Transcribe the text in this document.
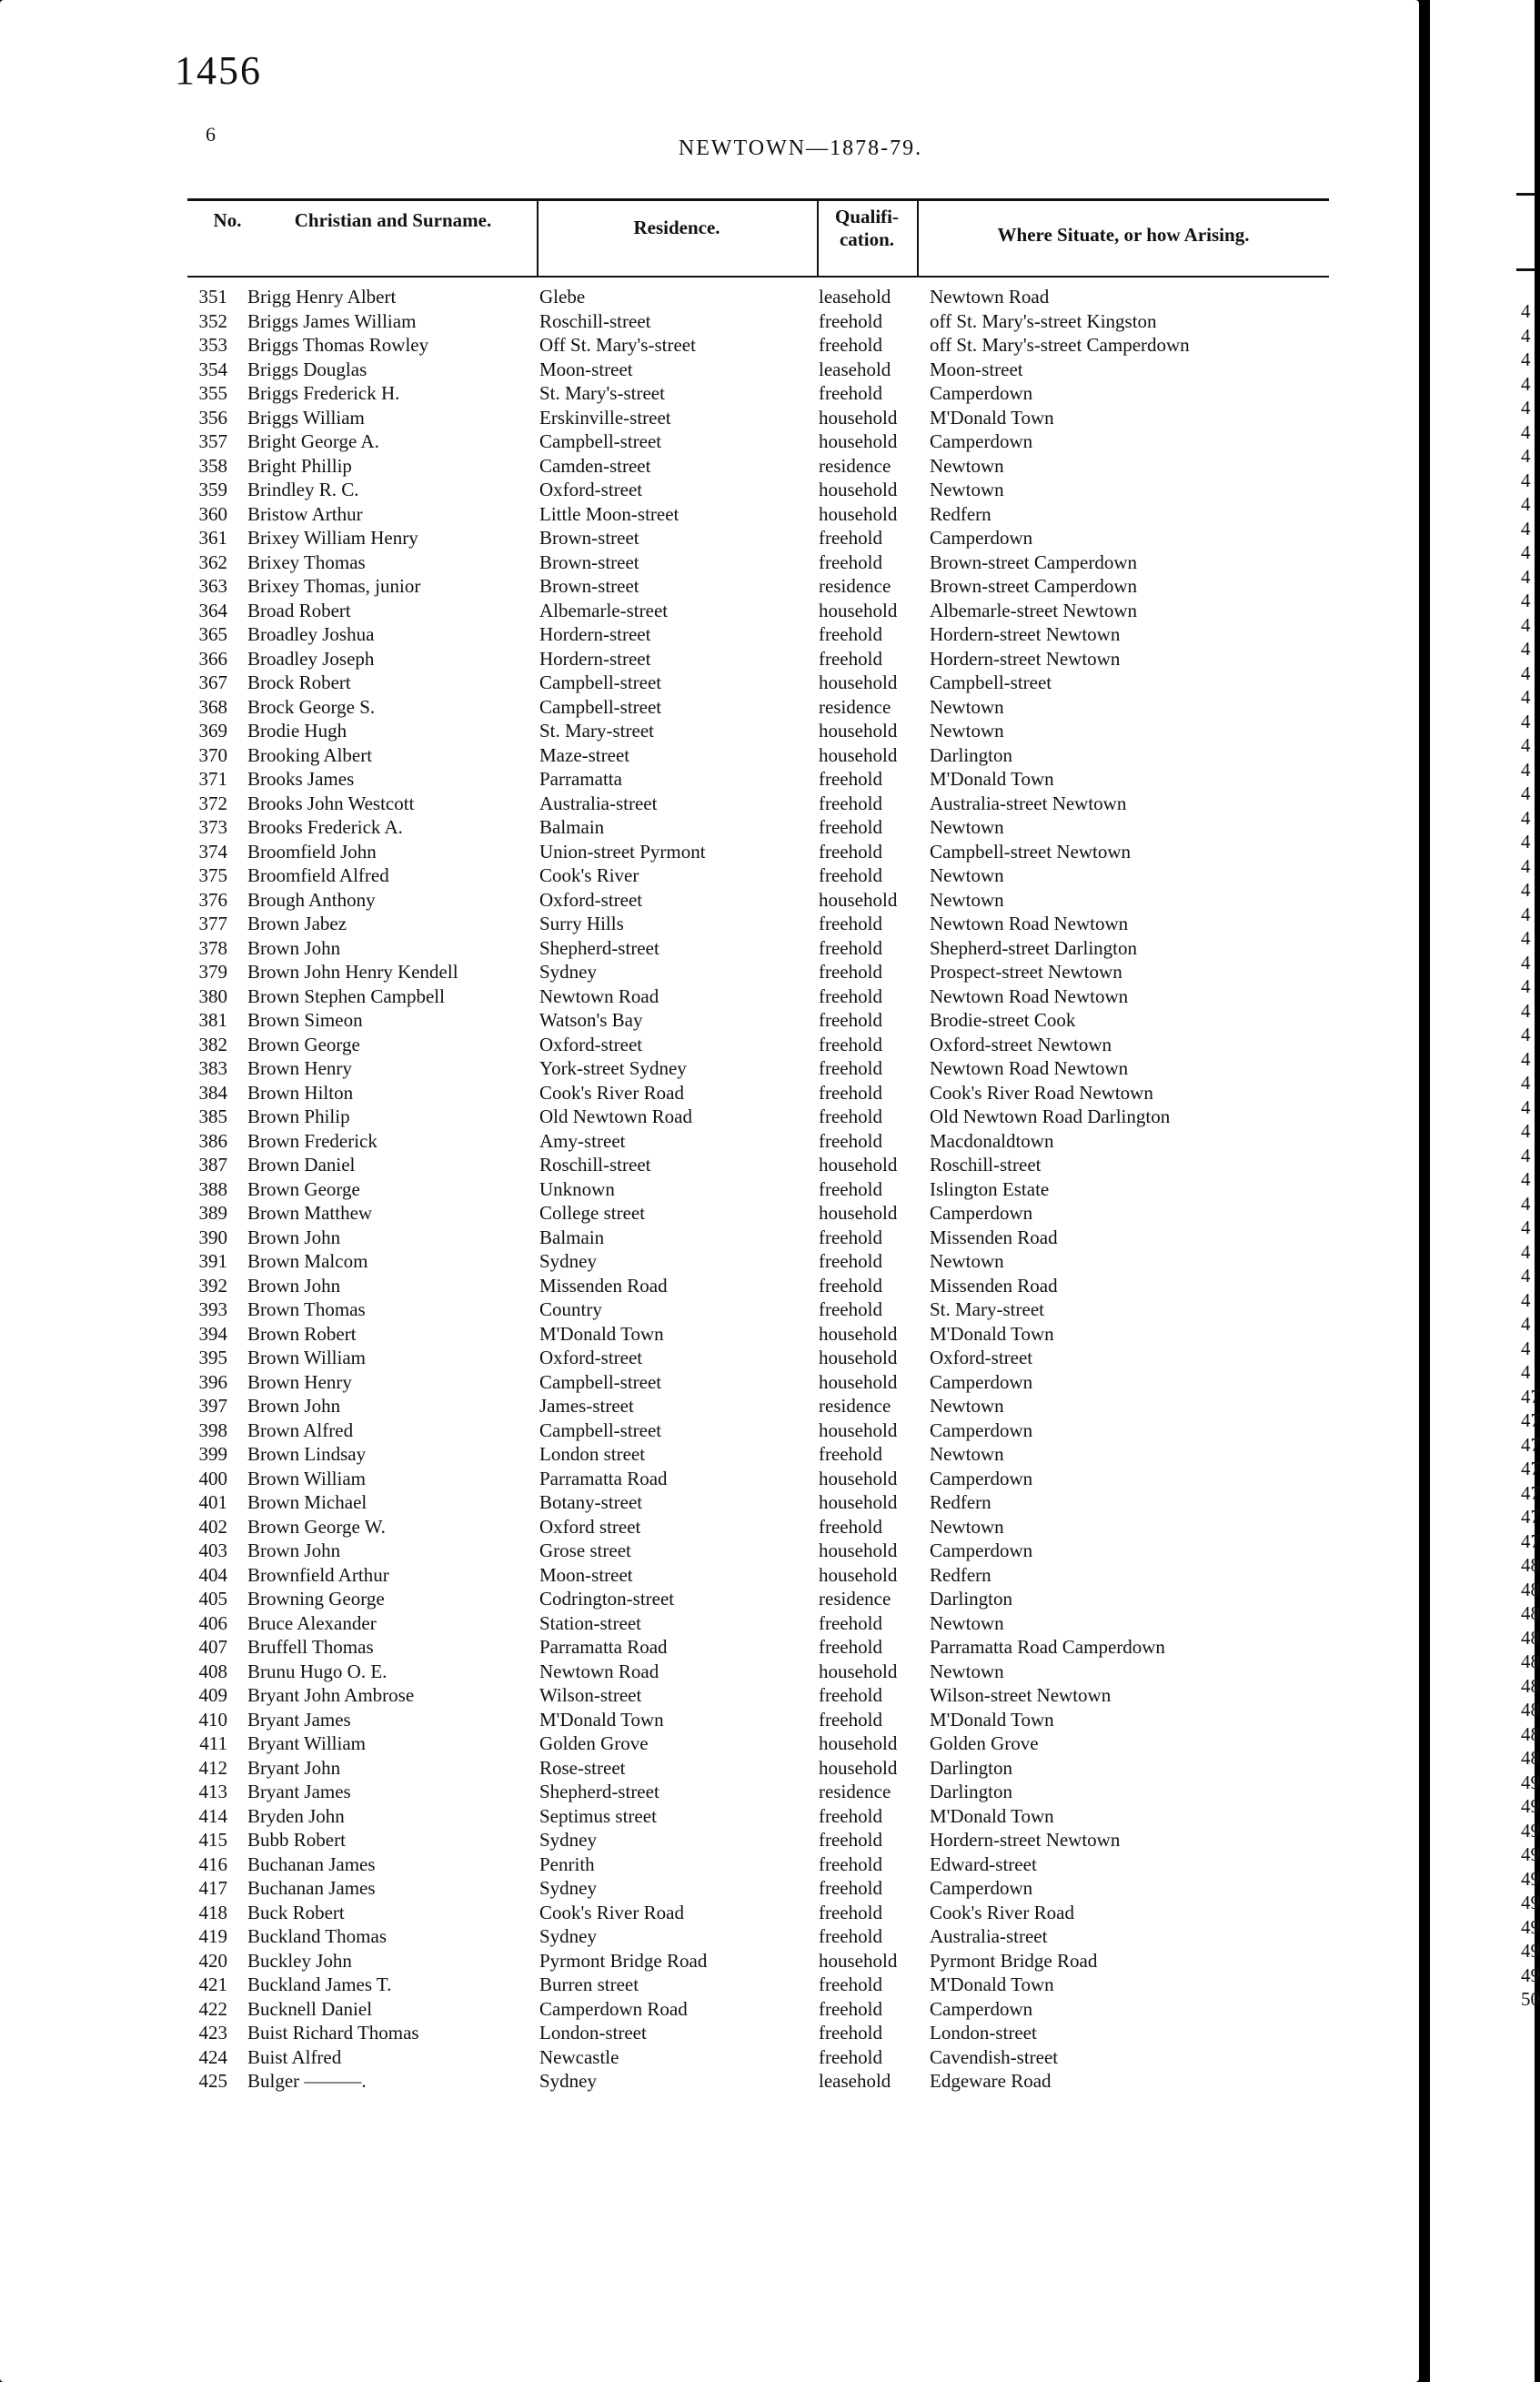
1456
6
NEWTOWN—1878-79.
No.	Christian and Surname.	Residence.	Qualifi-
cation.	Where Situate, or how Arising.
351 Brigg Henry Albert	Glebe	leasehold Newtown Road
352 Briggs James William	Roschill-street	freehold off St. Mary's-street Kingston
353 Briggs Thomas Rowley	Off St. Mary's-street	freehold off St. Mary's-street Camperdown
354 Briggs Douglas	Moon-street	leasehold Moon-street
355 Briggs Frederick H.	St. Mary's-street	freehold Camperdown
356 Briggs William	Erskinville-street	household M'Donald Town
357 Bright George A.	Campbell-street	household Camperdown
358 Bright Phillip	Camden-street	residence Newtown
359 Brindley R. C.	Oxford-street	household Newtown
360 Bristow Arthur	Little Moon-street	household Redfern
361 Brixey William Henry	Brown-street	freehold Camperdown
362 Brixey Thomas	Brown-street	freehold Brown-street Camperdown
363 Brixey Thomas, junior	Brown-street	residence Brown-street Camperdown
364 Broad Robert	Albemarle-street	household Albemarle-street Newtown
365 Broadley Joshua	Hordern-street	freehold Hordern-street Newtown
366 Broadley Joseph	Hordern-street	freehold Hordern-street Newtown
367 Brock Robert	Campbell-street	household Campbell-street
368 Brock George S.	Campbell-street	residence Newtown
369 Brodie Hugh	St. Mary-street	household Newtown
370 Brooking Albert	Maze-street	household Darlington
371 Brooks James	Parramatta	freehold M'Donald Town
372 Brooks John Westcott	Australia-street	freehold Australia-street Newtown
373 Brooks Frederick A.	Balmain	freehold Newtown
374 Broomfield John	Union-street Pyrmont	freehold Campbell-street Newtown
375 Broomfield Alfred	Cook's River	freehold Newtown
376 Brough Anthony	Oxford-street	household Newtown
377 Brown Jabez	Surry Hills	freehold Newtown Road Newtown
378 Brown John	Shepherd-street	freehold Shepherd-street Darlington
379 Brown John Henry Kendell	Sydney	freehold Prospect-street Newtown
380 Brown Stephen Campbell	Newtown Road	freehold Newtown Road Newtown
381 Brown Simeon	Watson's Bay	freehold Brodie-street Cook
382 Brown George	Oxford-street	freehold Oxford-street Newtown
383 Brown Henry	York-street Sydney	freehold Newtown Road Newtown
384 Brown Hilton	Cook's River Road	freehold Cook's River Road Newtown
385 Brown Philip	Old Newtown Road	freehold Old Newtown Road Darlington
386 Brown Frederick	Amy-street	freehold Macdonaldtown
387 Brown Daniel	Roschill-street	household Roschill-street
388 Brown George	Unknown	freehold Islington Estate
389 Brown Matthew	College street	household Camperdown
390 Brown John	Balmain	freehold Missenden Road
391 Brown Malcom	Sydney	freehold Newtown
392 Brown John	Missenden Road	freehold Missenden Road
393 Brown Thomas	Country	freehold St. Mary-street
394 Brown Robert	M'Donald Town	household M'Donald Town
395 Brown William	Oxford-street	household Oxford-street
396 Brown Henry	Campbell-street	household Camperdown
397 Brown John	James-street	residence Newtown
398 Brown Alfred	Campbell-street	household Camperdown
399 Brown Lindsay	London street	freehold Newtown
400 Brown William	Parramatta Road	household Camperdown
401 Brown Michael	Botany-street	household Redfern
402 Brown George W.	Oxford street	freehold Newtown
403 Brown John	Grose street	household Camperdown
404 Brownfield Arthur	Moon-street	household Redfern
405 Browning George	Codrington-street	residence Darlington
406 Bruce Alexander	Station-street	freehold Newtown
407 Bruffell Thomas	Parramatta Road	freehold Parramatta Road Camperdown
408 Brunu Hugo O. E.	Newtown Road	household Newtown
409 Bryant John Ambrose	Wilson-street	freehold Wilson-street Newtown
410 Bryant James	M'Donald Town	freehold M'Donald Town
411 Bryant William	Golden Grove	household Golden Grove
412 Bryant John	Rose-street	household Darlington
413 Bryant James	Shepherd-street	residence Darlington
414 Bryden John	Septimus street	freehold M'Donald Town
415 Bubb Robert	Sydney	freehold Hordern-street Newtown
416 Buchanan James	Penrith	freehold Edward-street
417 Buchanan James	Sydney	freehold Camperdown
418 Buck Robert	Cook's River Road	freehold Cook's River Road
419 Buckland Thomas	Sydney	freehold Australia-street
420 Buckley John	Pyrmont Bridge Road	household Pyrmont Bridge Road
421 Buckland James T.	Burren street	freehold M'Donald Town
422 Bucknell Daniel	Camperdown Road	freehold Camperdown
423 Buist Richard Thomas	London-street	freehold London-street
424 Buist Alfred	Newcastle	freehold Cavendish-street
425 Bulger ———.	Sydney	leasehold Edgeware Road
4
4
4
4
4
4
4
4
4
4
4
4
4
4
4
4
4
4
4
4
4
4
4
4
4
4
4
4
4
4
4
4
4
4
4
4
4
4
4
4
4
4
4
4
4
47
47
47
47
47
47
47
48
48
48
48
48
48
48
48
48
49
49
49
49
49
49
49
49
49
50
